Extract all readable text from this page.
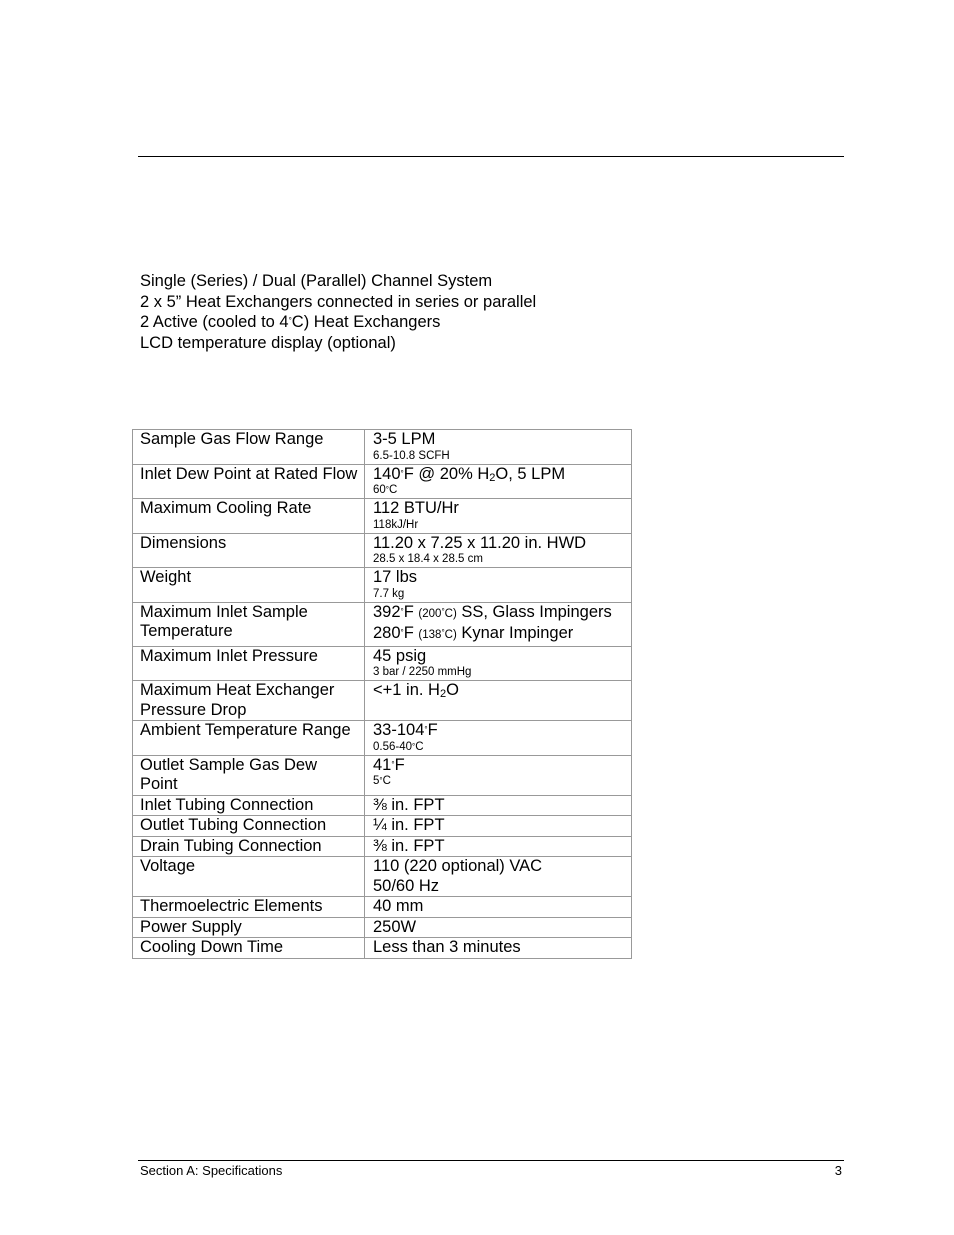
Single (Series) / Dual (Parallel) Channel System
2 x 5” Heat Exchangers connected in series or parallel
2 Active (cooled to 4°C) Heat Exchangers
LCD temperature display (optional)
Sample Gas Flow Range	3-5 LPM
6.5-10.8 SCFH

Inlet Dew Point at Rated Flow	140°F @ 20% $H_2O$, 5 LPM
60°C

Maximum Cooling Rate	112 BTU/Hr
118kJ/Hr

Dimensions	11.20 x 7.25 x 11.20 in. HWD
28.5 x 18.4 x 28.5 cm

Weight	17 lbs
7.7 kg

Maximum Inlet Sample Temperature	392°F (200°C) SS, Glass Impingers
280°F (138°C) Kynar Impinger

Maximum Inlet Pressure	45 psig
3 bar / 2250 mmHg

Maximum Heat Exchanger Pressure Drop	<+1 in. $H_2O$
Ambient Temperature Range	33-104°F
0.56-40°C

Outlet Sample Gas Dew Point	41°F
5°C

Inlet Tubing Connection	⅜ in. FPT
Outlet Tubing Connection	¼ in. FPT
Drain Tubing Connection	⅜ in. FPT
Voltage	110 (220 optional) VAC
50/60 Hz

Thermoelectric Elements	40 mm
Power Supply	250W
Cooling Down Time	Less than 3 minutes
Section A: Specifications	3
